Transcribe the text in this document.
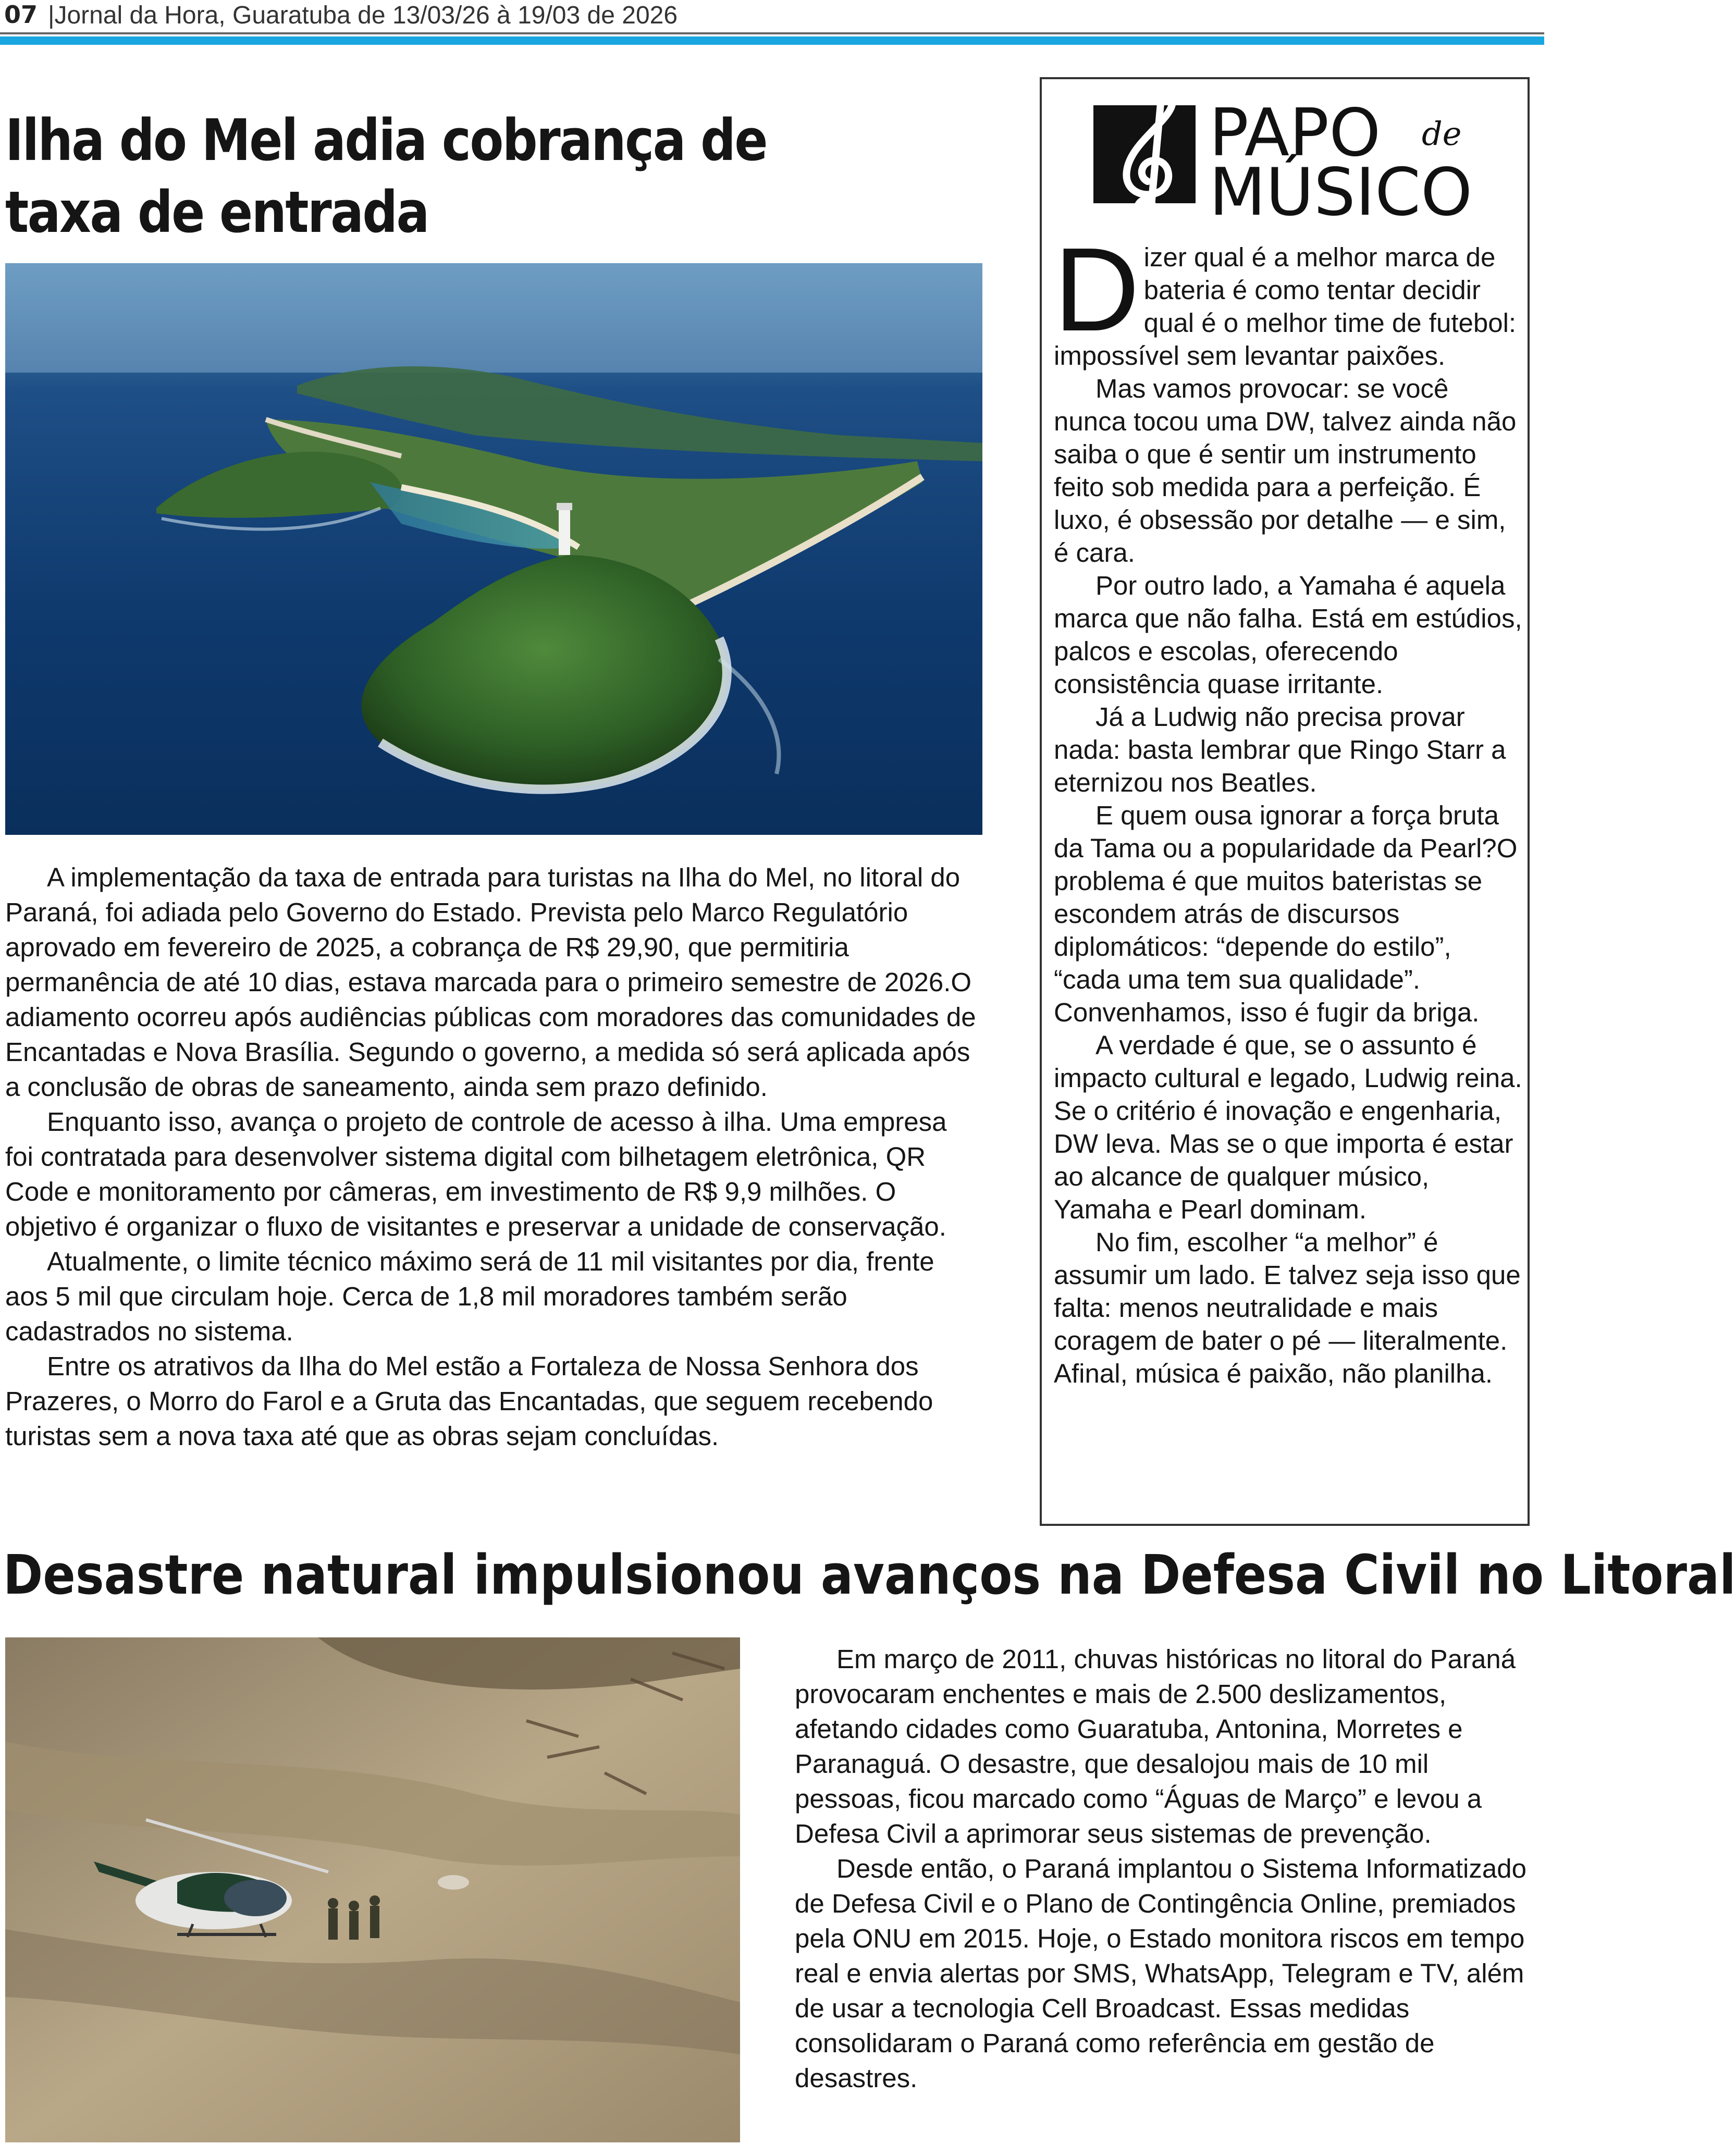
07 |Jornal da Hora, Guaratuba de 13/03/26 à 19/03 de 2026
Ilha do Mel adia cobrança de taxa de entrada

A implementação da taxa de entrada para turistas na Ilha do Mel, no litoral do Paraná, foi adiada pelo Governo do Estado. Prevista pelo Marco Regulatório aprovado em fevereiro de 2025, a cobrança de R$ 29,90, que permitiria permanência de até 10 dias, estava marcada para o primeiro semestre de 2026.O adiamento ocorreu após audiências públicas com moradores das comunidades de Encantadas e Nova Brasília. Segundo o governo, a medida só será aplicada após a conclusão de obras de saneamento, ainda sem prazo definido.

Enquanto isso, avança o projeto de controle de acesso à ilha. Uma empresa foi contratada para desenvolver sistema digital com bilhetagem eletrônica, QR Code e monitoramento por câmeras, em investimento de R$ 9,9 milhões. O objetivo é organizar o fluxo de visitantes e preservar a unidade de conservação.

Atualmente, o limite técnico máximo será de 11 mil visitantes por dia, frente aos 5 mil que circulam hoje. Cerca de 1,8 mil moradores também serão cadastrados no sistema.

Entre os atrativos da Ilha do Mel estão a Fortaleza de Nossa Senhora dos Prazeres, o Morro do Farol e a Gruta das Encantadas, que seguem recebendo turistas sem a nova taxa até que as obras sejam concluídas.

PAPO de
MÚSICO

Dizer qual é a melhor marca de bateria é como tentar decidir qual é o melhor time de futebol: impossível sem levantar paixões.

Mas vamos provocar: se você nunca tocou uma DW, talvez ainda não saiba o que é sentir um instrumento feito sob medida para a perfeição. É luxo, é obsessão por detalhe — e sim, é cara.

Por outro lado, a Yamaha é aquela marca que não falha. Está em estúdios, palcos e escolas, oferecendo consistência quase irritante.

Já a Ludwig não precisa provar nada: basta lembrar que Ringo Starr a eternizou nos Beatles.

E quem ousa ignorar a força bruta da Tama ou a popularidade da Pearl?O problema é que muitos bateristas se escondem atrás de discursos diplomáticos: “depende do estilo”, “cada uma tem sua qualidade”. Convenhamos, isso é fugir da briga.

A verdade é que, se o assunto é impacto cultural e legado, Ludwig reina. Se o critério é inovação e engenharia, DW leva. Mas se o que importa é estar ao alcance de qualquer músico, Yamaha e Pearl dominam.

No fim, escolher “a melhor” é assumir um lado. E talvez seja isso que falta: menos neutralidade e mais coragem de bater o pé — literalmente. Afinal, música é paixão, não planilha.

Desastre natural impulsionou avanços na Defesa Civil no Litoral

Em março de 2011, chuvas históricas no litoral do Paraná provocaram enchentes e mais de 2.500 deslizamentos, afetando cidades como Guaratuba, Antonina, Morretes e Paranaguá. O desastre, que desalojou mais de 10 mil pessoas, ficou marcado como “Águas de Março” e levou a Defesa Civil a aprimorar seus sistemas de prevenção.

Desde então, o Paraná implantou o Sistema Informatizado de Defesa Civil e o Plano de Contingência Online, premiados pela ONU em 2015. Hoje, o Estado monitora riscos em tempo real e envia alertas por SMS, WhatsApp, Telegram e TV, além de usar a tecnologia Cell Broadcast. Essas medidas consolidaram o Paraná como referência em gestão de desastres.
